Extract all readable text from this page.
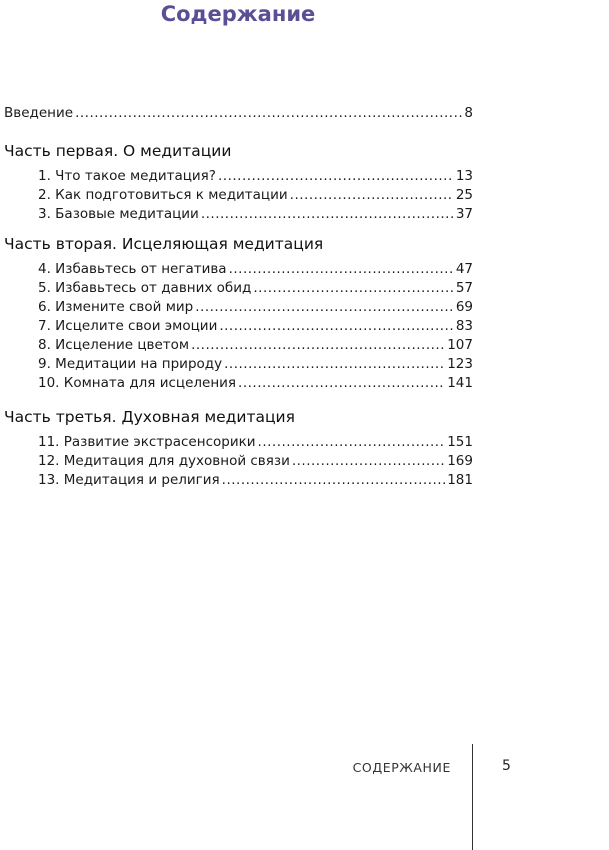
Содержание
Введение .....	8
Часть первая. О медитации
1. Что такое медитация? .....	13
2. Как подготовиться к медитации .....	25
3. Базовые медитации .....	37
Часть вторая. Исцеляющая медитация
4. Избавьтесь от негатива .....	47
5. Избавьтесь от давних обид .....	57
6. Измените свой мир .....	69
7. Исцелите свои эмоции .....	83
8. Исцеление цветом .....	107
9. Медитации на природу .....	123
10. Комната для исцеления .....	141
Часть третья. Духовная медитация
11. Развитие экстрасенсорики .....	151
12. Медитация для духовной связи .....	169
13. Медитация и религия .....	181
СОДЕРЖАНИЕ	5
